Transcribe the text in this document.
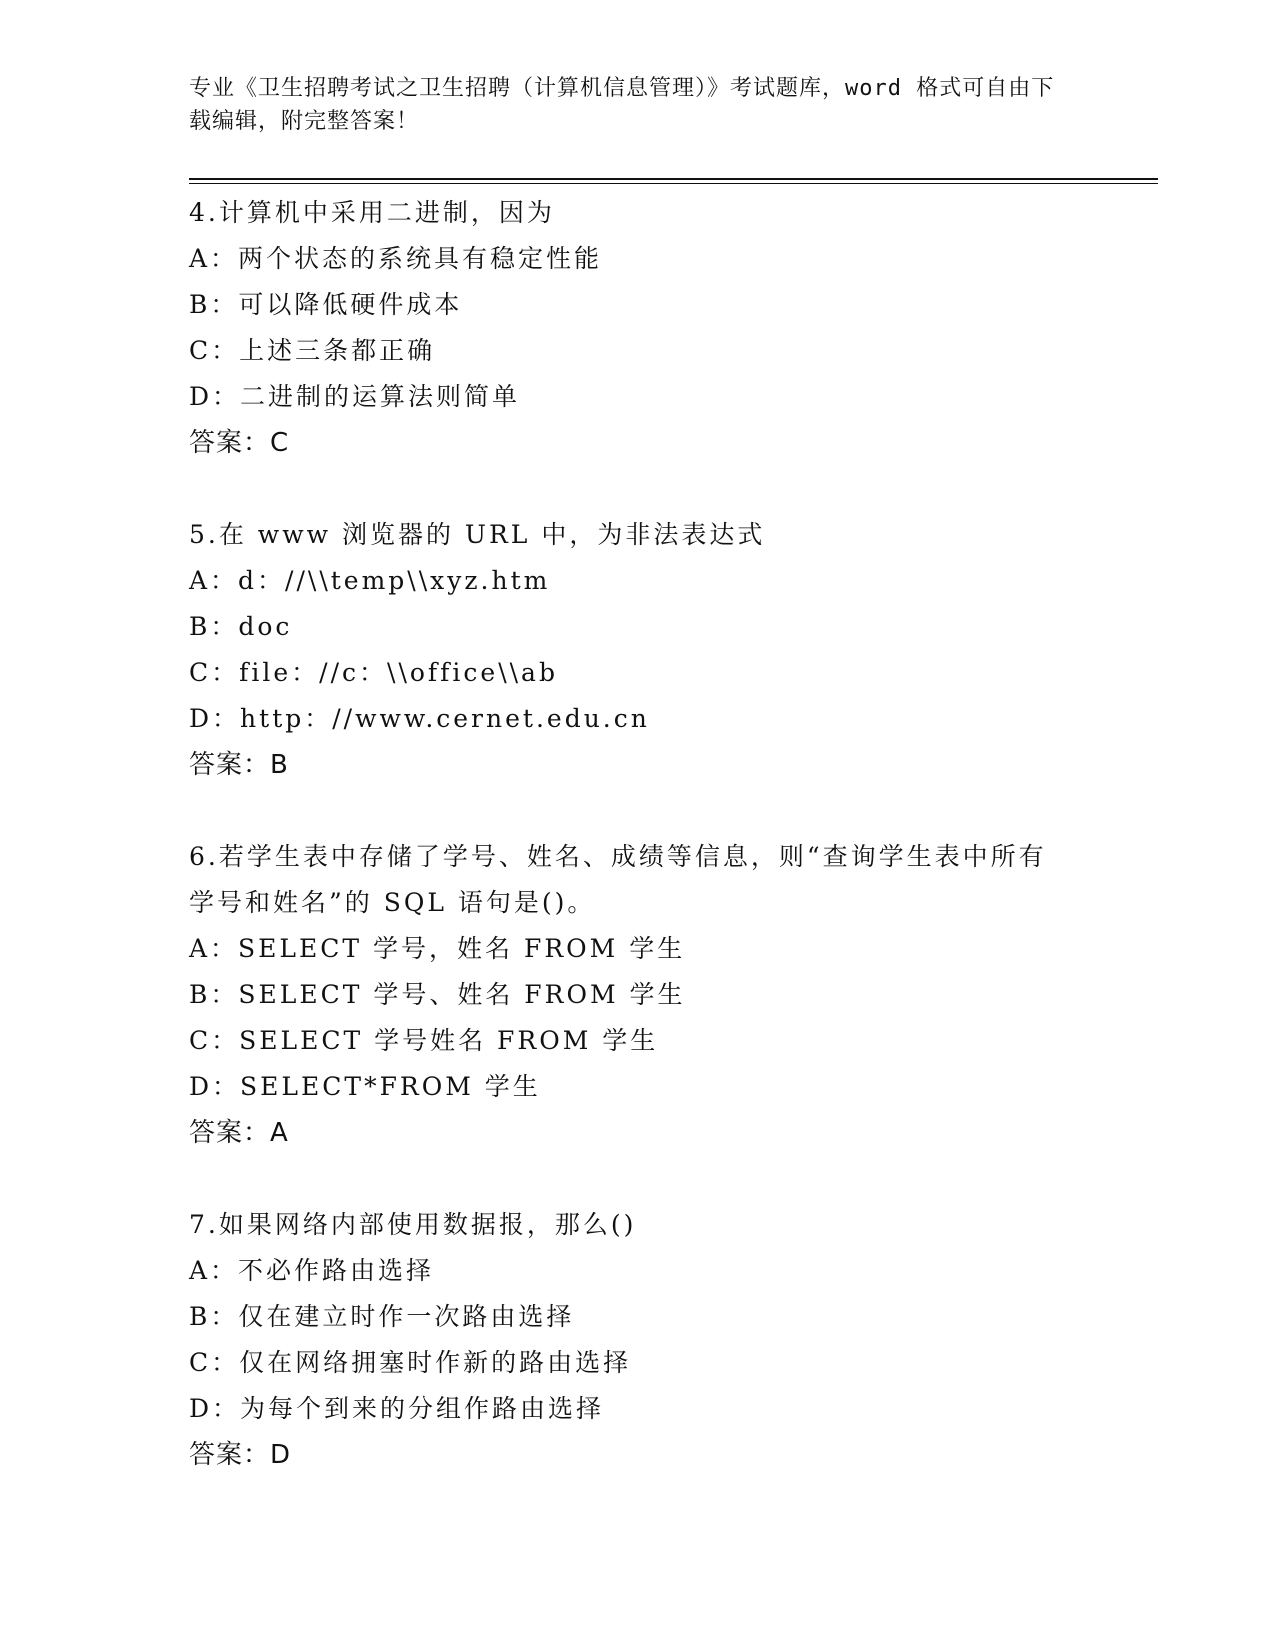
专业《卫生招聘考试之卫生招聘（计算机信息管理）》考试题库，word 格式可自由下载编辑，附完整答案！
4.计算机中采用二进制，因为
A：两个状态的系统具有稳定性能
B：可以降低硬件成本
C：上述三条都正确
D：二进制的运算法则简单
答案：C
5.在 www 浏览器的 URL 中，为非法表达式
A：d：//\\temp\\xyz.htm
B：doc
C：file：//c：\\office\\ab
D：http：//www.cernet.edu.cn
答案：B
6.若学生表中存储了学号、姓名、成绩等信息，则“查询学生表中所有学号和姓名”的 SQL 语句是()。
A：SELECT 学号，姓名 FROM 学生
B：SELECT 学号、姓名 FROM 学生
C：SELECT 学号姓名 FROM 学生
D：SELECT*FROM 学生
答案：A
7.如果网络内部使用数据报，那么()
A：不必作路由选择
B：仅在建立时作一次路由选择
C：仅在网络拥塞时作新的路由选择
D：为每个到来的分组作路由选择
答案：D
